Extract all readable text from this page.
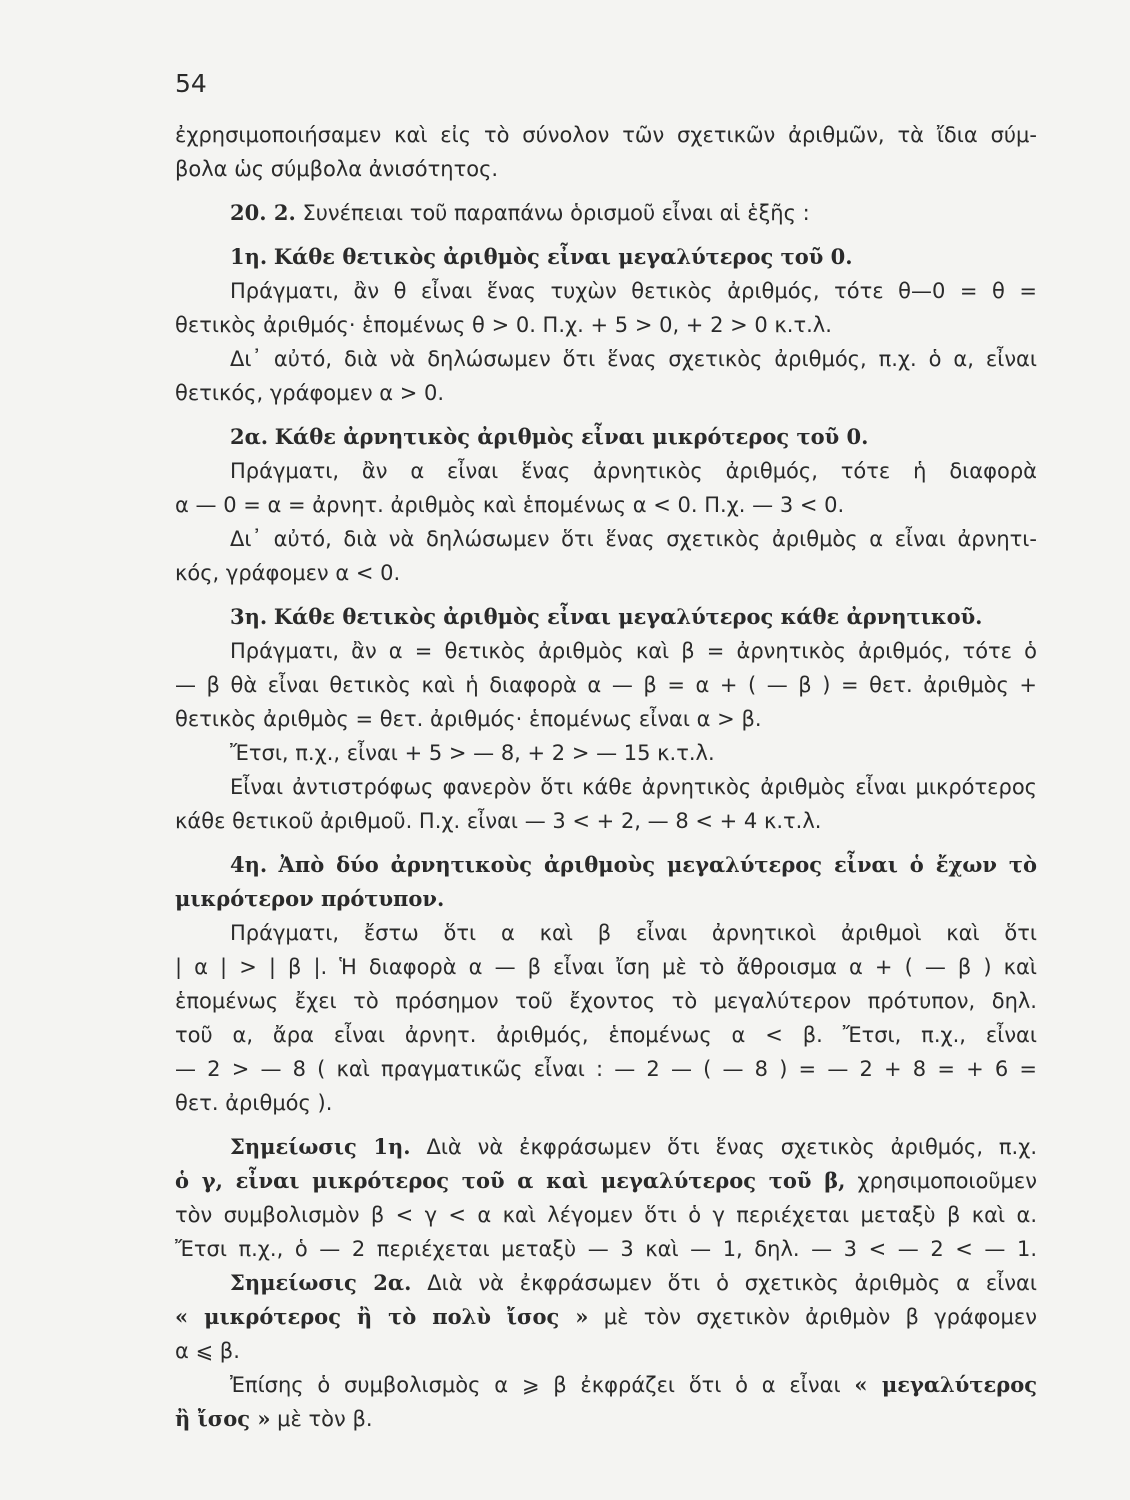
54
ἐχρησιμοποιήσαμεν καὶ εἰς τὸ σύνολον τῶν σχετικῶν ἀριθμῶν, τὰ ἴδια σύμ-
βολα ὡς σύμβολα ἀνισότητος.
20. 2. Συνέπειαι τοῦ παραπάνω ὁρισμοῦ εἶναι αἱ ἑξῆς :
1η. Κάθε θετικὸς ἀριθμὸς εἶναι μεγαλύτερος τοῦ 0.
Πράγματι, ἂν θ εἶναι ἕνας τυχὼν θετικὸς ἀριθμός, τότε θ—0 = θ =
θετικὸς ἀριθμός· ἑπομένως θ > 0. Π.χ. + 5 > 0, + 2 > 0 κ.τ.λ.
Δι᾽ αὐτό, διὰ νὰ δηλώσωμεν ὅτι ἕνας σχετικὸς ἀριθμός, π.χ. ὁ α, εἶναι
θετικός, γράφομεν α > 0.
2α. Κάθε ἀρνητικὸς ἀριθμὸς εἶναι μικρότερος τοῦ 0.
Πράγματι, ἂν α εἶναι ἕνας ἀρνητικὸς ἀριθμός, τότε ἡ διαφορὰ
α — 0 = α = ἀρνητ. ἀριθμὸς καὶ ἑπομένως α < 0. Π.χ. — 3 < 0.
Δι᾽ αὐτό, διὰ νὰ δηλώσωμεν ὅτι ἕνας σχετικὸς ἀριθμὸς α εἶναι ἀρνητι-
κός, γράφομεν α < 0.
3η. Κάθε θετικὸς ἀριθμὸς εἶναι μεγαλύτερος κάθε ἀρνητικοῦ.
Πράγματι, ἂν α = θετικὸς ἀριθμὸς καὶ β = ἀρνητικὸς ἀριθμός, τότε ὁ
— β θὰ εἶναι θετικὸς καὶ ἡ διαφορὰ α — β = α + ( — β ) = θετ. ἀριθμὸς +
θετικὸς ἀριθμὸς = θετ. ἀριθμός· ἑπομένως εἶναι α > β.
Ἔτσι, π.χ., εἶναι + 5 > — 8, + 2 > — 15 κ.τ.λ.
Εἶναι ἀντιστρόφως φανερὸν ὅτι κάθε ἀρνητικὸς ἀριθμὸς εἶναι μικρότερος
κάθε θετικοῦ ἀριθμοῦ. Π.χ. εἶναι — 3 < + 2, — 8 < + 4 κ.τ.λ.
4η. Ἀπὸ δύο ἀρνητικοὺς ἀριθμοὺς μεγαλύτερος εἶναι ὁ ἔχων τὸ
μικρότερον πρότυπον.
Πράγματι, ἔστω ὅτι α καὶ β εἶναι ἀρνητικοὶ ἀριθμοὶ καὶ ὅτι
| α | > | β |. Ἡ διαφορὰ α — β εἶναι ἴση μὲ τὸ ἄθροισμα α + ( — β ) καὶ
ἑπομένως ἔχει τὸ πρόσημον τοῦ ἔχοντος τὸ μεγαλύτερον πρότυπον, δηλ.
τοῦ α, ἄρα εἶναι ἀρνητ. ἀριθμός, ἑπομένως α < β. Ἔτσι, π.χ., εἶναι
— 2 > — 8 ( καὶ πραγματικῶς εἶναι : — 2 — ( — 8 ) = — 2 + 8 = + 6 =
θετ. ἀριθμός ).
Σημείωσις 1η. Διὰ νὰ ἐκφράσωμεν ὅτι ἕνας σχετικὸς ἀριθμός, π.χ.
ὁ γ, εἶναι μικρότερος τοῦ α καὶ μεγαλύτερος τοῦ β, χρησιμοποιοῦμεν
τὸν συμβολισμὸν β < γ < α καὶ λέγομεν ὅτι ὁ γ περιέχεται μεταξὺ β καὶ α.
Ἔτσι π.χ., ὁ — 2 περιέχεται μεταξὺ — 3 καὶ — 1, δηλ. — 3 < — 2 < — 1.
Σημείωσις 2α. Διὰ νὰ ἐκφράσωμεν ὅτι ὁ σχετικὸς ἀριθμὸς α εἶναι
« μικρότερος ἢ τὸ πολὺ ἴσος » μὲ τὸν σχετικὸν ἀριθμὸν β γράφομεν
α ⩽ β.
Ἐπίσης ὁ συμβολισμὸς α ⩾ β ἐκφράζει ὅτι ὁ α εἶναι « μεγαλύτερος
ἢ ἴσος » μὲ τὸν β.
